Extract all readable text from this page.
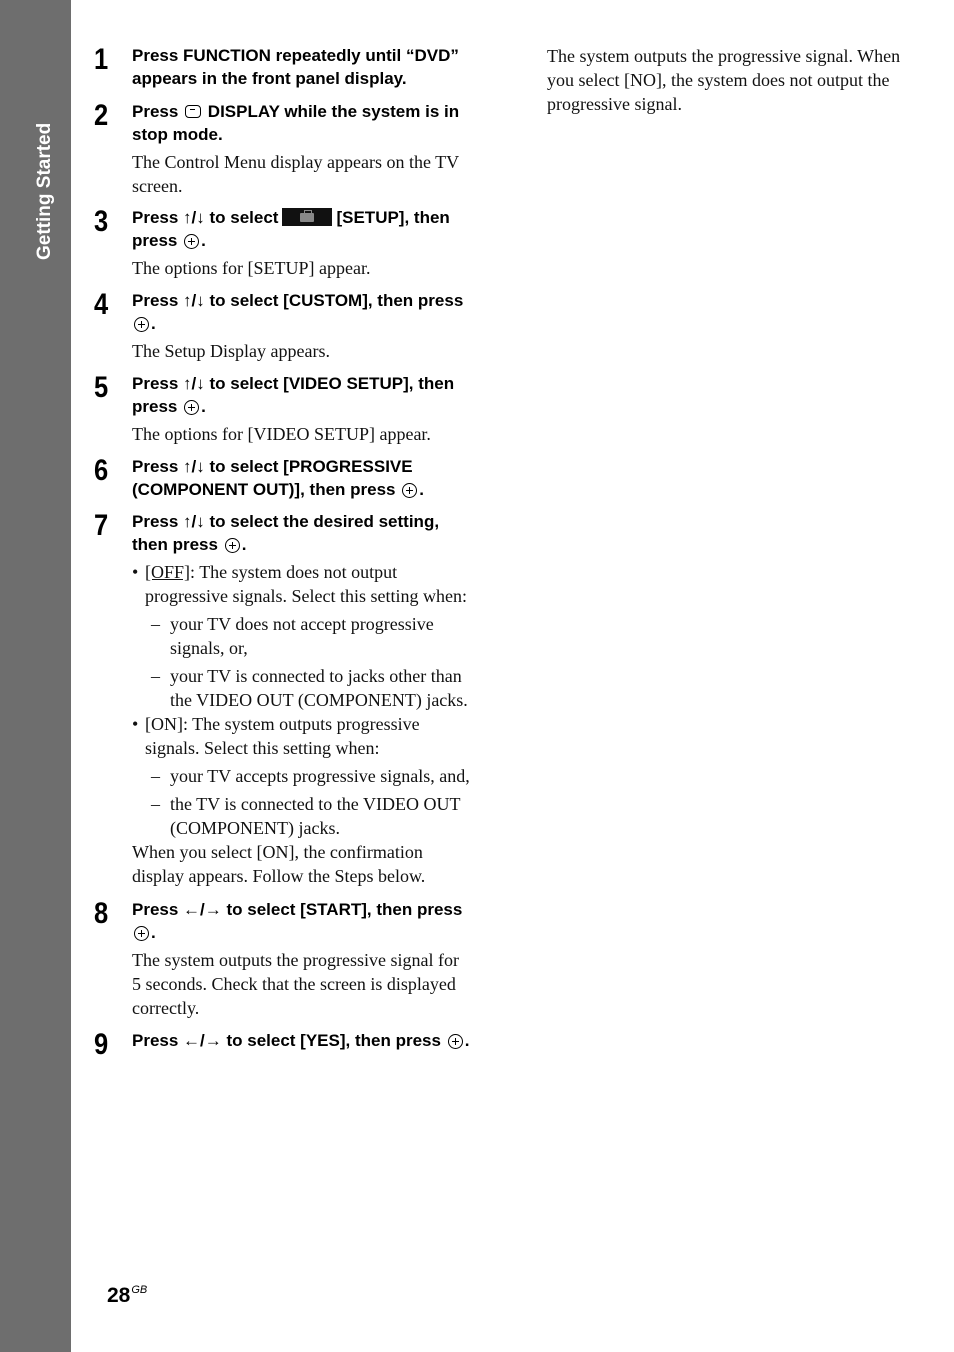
Getting Started
1 Press FUNCTION repeatedly until “DVD” appears in the front panel display.
2 Press DISPLAY while the system is in stop mode.
The Control Menu display appears on the TV screen.
3 Press ↑/↓ to select	[SETUP], then press .
The options for [SETUP] appear.
4 Press ↑/↓ to select [CUSTOM], then press .
The Setup Display appears.
5 Press ↑/↓ to select [VIDEO SETUP], then press .
The options for [VIDEO SETUP] appear.
6 Press ↑/↓ to select [PROGRESSIVE (COMPONENT OUT)], then press .
7 Press ↑/↓ to select the desired setting, then press .
• [OFF]: The system does not output progressive signals. Select this setting when:
– your TV does not accept progressive signals, or,
– your TV is connected to jacks other than the VIDEO OUT (COMPONENT) jacks.
• [ON]: The system outputs progressive signals. Select this setting when:
– your TV accepts progressive signals, and,
– the TV is connected to the VIDEO OUT (COMPONENT) jacks.
When you select [ON], the confirmation display appears. Follow the Steps below.
8 Press ←/→ to select [START], then press .
The system outputs the progressive signal for 5 seconds. Check that the screen is displayed correctly.
9 Press ←/→ to select [YES], then press .
The system outputs the progressive signal. When you select [NO], the system does not output the progressive signal.
$28^{GB}$
